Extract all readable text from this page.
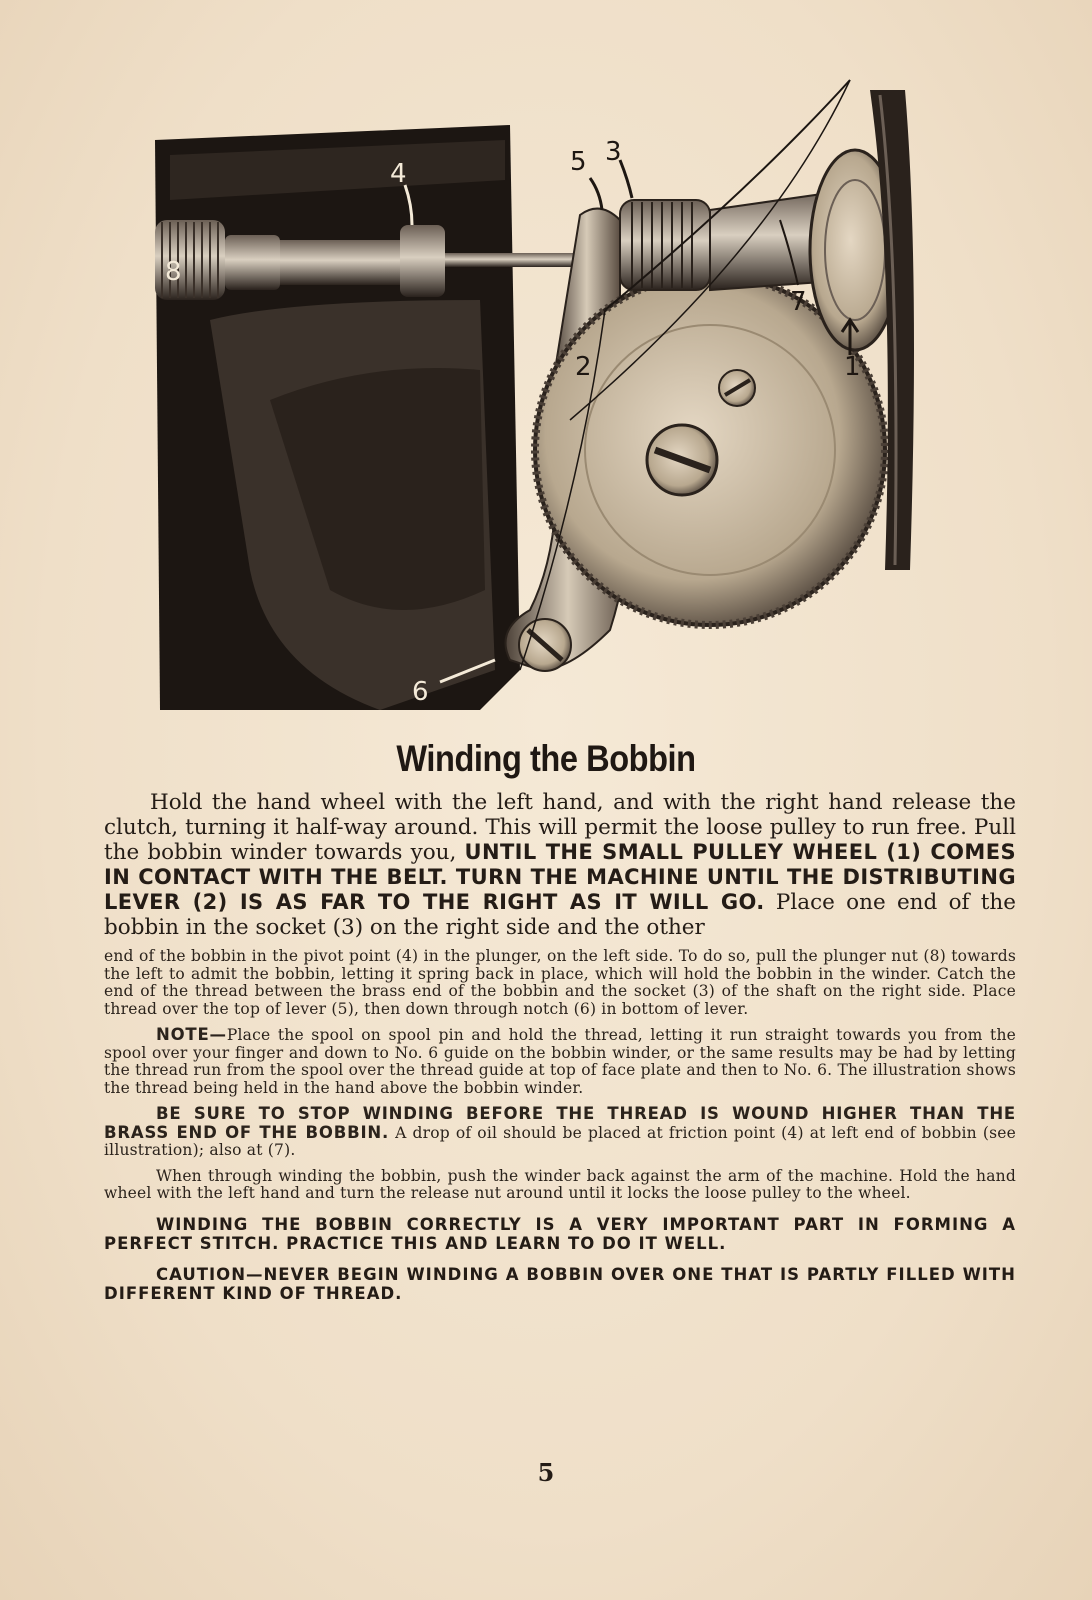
4	5 3
2
8
7
1
6
Winding the Bobbin

Hold the hand wheel with the left hand, and with the right hand release the clutch, turning it half-way around. This will permit the loose pulley to run free. Pull the bobbin winder towards you, UNTIL THE SMALL PULLEY WHEEL (1) COMES IN CONTACT WITH THE BELT. TURN THE MACHINE UNTIL THE DISTRIBUTING LEVER (2) IS AS FAR TO THE RIGHT AS IT WILL GO. Place one end of the bobbin in the socket (3) on the right side and the other

end of the bobbin in the pivot point (4) in the plunger, on the left side. To do so, pull the plunger nut (8) towards the left to admit the bobbin, letting it spring back in place, which will hold the bobbin in the winder. Catch the end of the thread between the brass end of the bobbin and the socket (3) of the shaft on the right side. Place thread over the top of lever (5), then down through notch (6) in bottom of lever.

NOTE—Place the spool on spool pin and hold the thread, letting it run straight towards you from the spool over your finger and down to No. 6 guide on the bobbin winder, or the same results may be had by letting the thread run from the spool over the thread guide at top of face plate and then to No. 6. The illustration shows the thread being held in the hand above the bobbin winder.

BE SURE TO STOP WINDING BEFORE THE THREAD IS WOUND HIGHER THAN THE BRASS END OF THE BOBBIN. A drop of oil should be placed at friction point (4) at left end of bobbin (see illustration); also at (7).

When through winding the bobbin, push the winder back against the arm of the machine. Hold the hand wheel with the left hand and turn the release nut around until it locks the loose pulley to the wheel.

WINDING THE BOBBIN CORRECTLY IS A VERY IMPORTANT PART IN FORMING A PERFECT STITCH. PRACTICE THIS AND LEARN TO DO IT WELL.

CAUTION—NEVER BEGIN WINDING A BOBBIN OVER ONE THAT IS PARTLY FILLED WITH DIFFERENT KIND OF THREAD.

5
